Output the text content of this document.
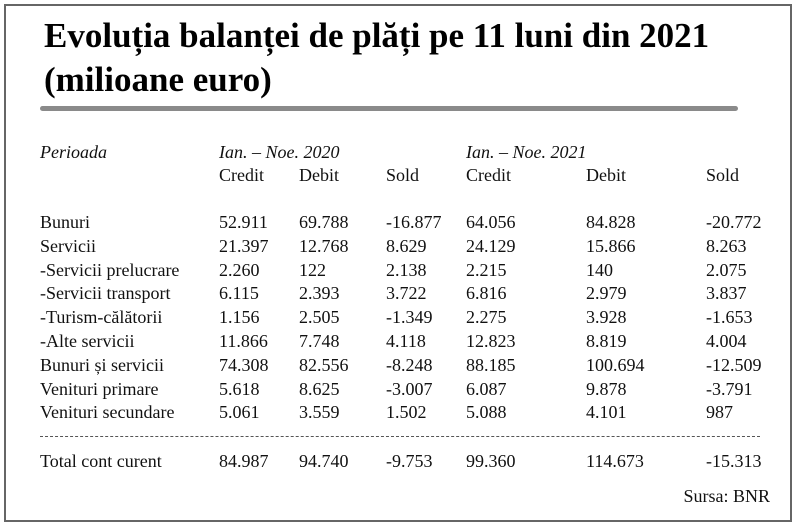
Evoluția balanței de plăți pe 11 luni din 2021
(milioane euro)
Perioada	Ian. – Noe. 2020	Ian. – Noe. 2021
Credit Debit	Sold	Credit	Debit	Sold
Bunuri	52.911 69.788 -16.877 64.056	84.828	-20.772
Servicii	21.397 12.768 8.629 24.129	15.866	8.263
-Servicii prelucrare 2.260 122	2.138 2.215	140	2.075
-Servicii transport	6.115 2.393	3.722 6.816	2.979	3.837
-Turism-călătorii	1.156 2.505	-1.349 2.275	3.928	-1.653
-Alte servicii	11.866 7.748	4.118 12.823	8.819	4.004
Bunuri și servicii	74.308 82.556 -8.248 88.185	100.694	-12.509
Venituri primare	5.618 8.625	-3.007 6.087	9.878	-3.791
Venituri secundare 5.061 3.559	1.502 5.088	4.101	987
Total cont curent	84.987 94.740 -9.753 99.360	114.673	-15.313
Sursa: BNR
